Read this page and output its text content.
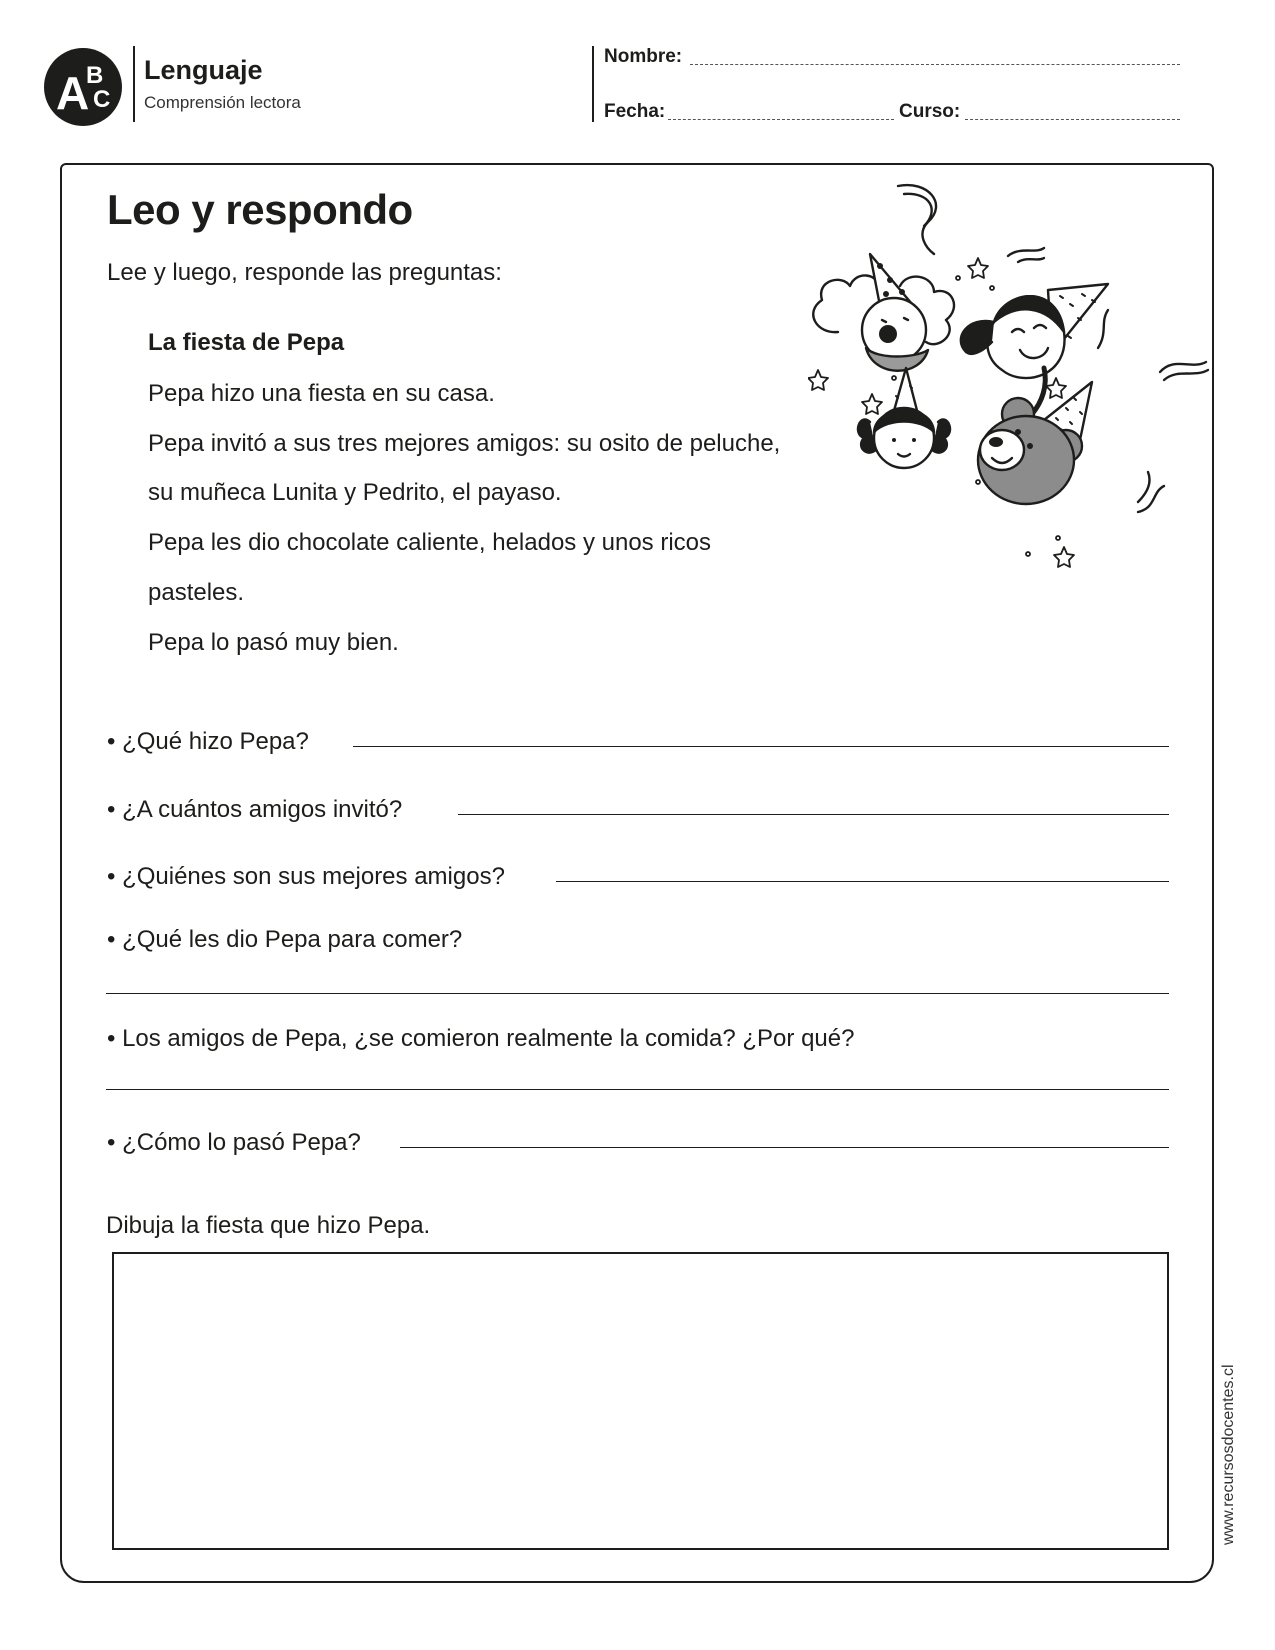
A
B
C
Lenguaje
Comprensión lectora
Nombre:
Fecha:	Curso:
Leo y respondo
Lee y luego, responde las preguntas:
La fiesta de Pepa
Pepa hizo una fiesta en su casa.
Pepa invitó a sus tres mejores amigos: su osito de peluche,
su muñeca Lunita y Pedrito, el payaso.
Pepa les dio chocolate caliente, helados y unos ricos
pasteles.
Pepa lo pasó muy bien.
• ¿Qué hizo Pepa?
• ¿A cuántos amigos invitó?
• ¿Quiénes son sus mejores amigos?
• ¿Qué les dio Pepa para comer?
• Los amigos de Pepa, ¿se comieron realmente la comida? ¿Por qué?
• ¿Cómo lo pasó Pepa?
Dibuja la fiesta que hizo Pepa.
www.recursosdocentes.cl
